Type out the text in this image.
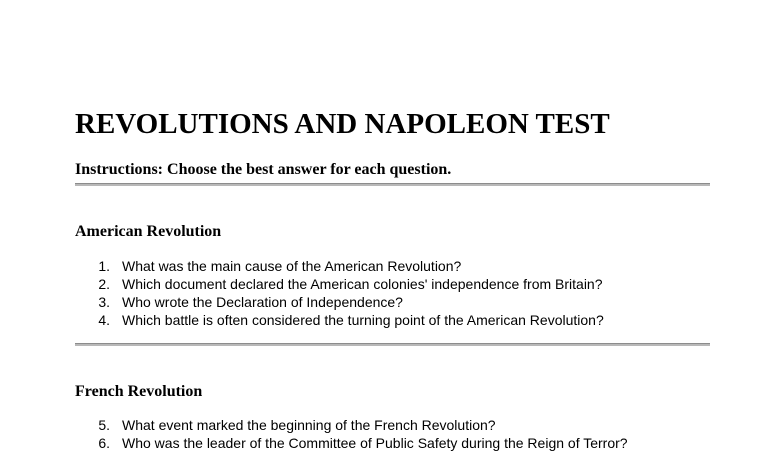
REVOLUTIONS AND NAPOLEON TEST

Instructions: Choose the best answer for each question.

American Revolution
1. What was the main cause of the American Revolution?
2. Which document declared the American colonies' independence from Britain?
3. Who wrote the Declaration of Independence?
4. Which battle is often considered the turning point of the American Revolution?
French Revolution
5. What event marked the beginning of the French Revolution?
6. Who was the leader of the Committee of Public Safety during the Reign of Terror?
